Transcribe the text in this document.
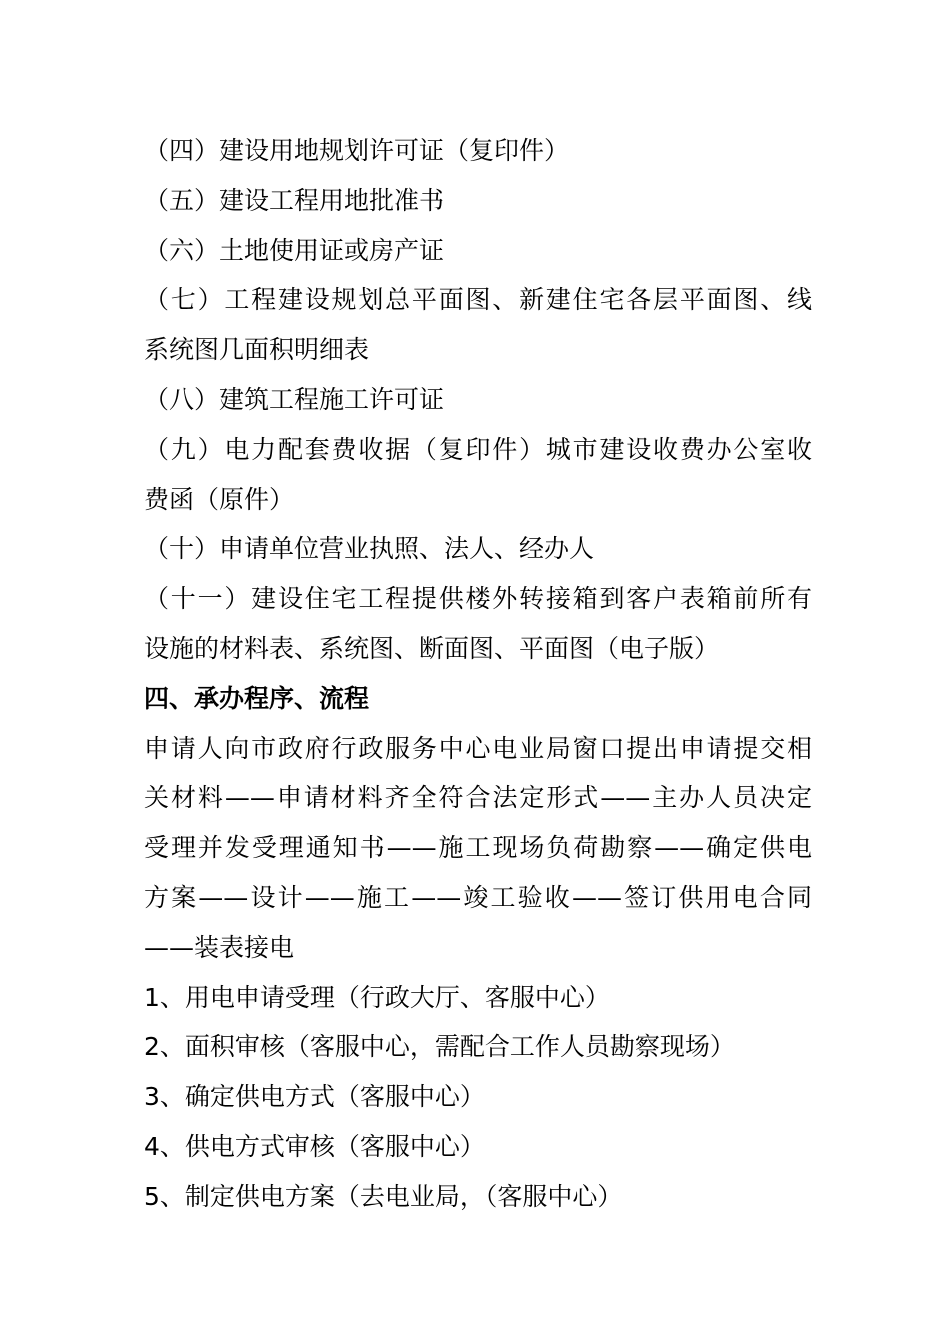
（四）建设用地规划许可证（复印件）
（五）建设工程用地批准书
（六）土地使用证或房产证
（七）工程建设规划总平面图、新建住宅各层平面图、线
系统图几面积明细表
（八）建筑工程施工许可证
（九）电力配套费收据（复印件）城市建设收费办公室收
费函（原件）
（十）申请单位营业执照、法人、经办人
（十一）建设住宅工程提供楼外转接箱到客户表箱前所有
设施的材料表、系统图、断面图、平面图（电子版）
四、承办程序、流程
申请人向市政府行政服务中心电业局窗口提出申请提交相
关材料——申请材料齐全符合法定形式——主办人员决定
受理并发受理通知书——施工现场负荷勘察——确定供电
方案——设计——施工——竣工验收——签订供用电合同
——装表接电
1、用电申请受理（行政大厅、客服中心）
2、面积审核（客服中心，需配合工作人员勘察现场）
3、确定供电方式（客服中心）
4、供电方式审核（客服中心）
5、制定供电方案（去电业局，（客服中心）
